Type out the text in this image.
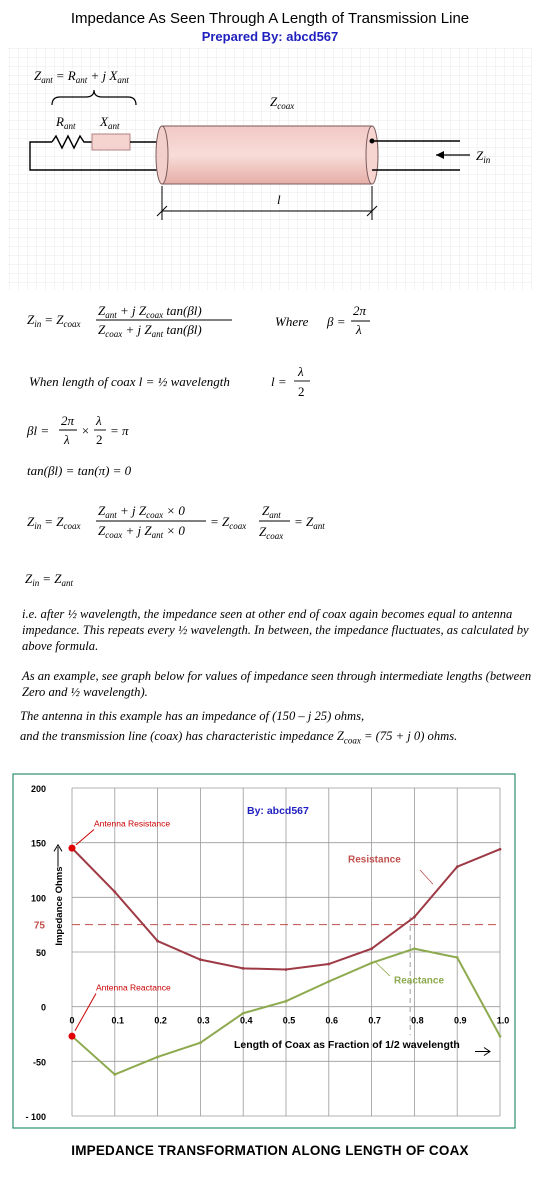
Impedance As Seen Through A Length of Transmission Line
Prepared By: abcd567
$Z_{ant} = R_{ant} + j$ $X_{ant}$
$R_{ant}$ $X_{ant}$
$Z_{coax}$
$Z_{in}$
l
$Z_{in} = Z_{coax}$
$Z_{ant} + j$ $Z_{coax}$ tan(βl)
$Z_{coax} + j$ $Z_{ant}$ tan(βl)
Where β =
2π
λ
When length of coax l = ½ wavelength	l =
λ
2
βl =
2π
λ
×
λ
2
= π
tan(βl) = tan(π) = 0
$Z_{in} = Z_{coax}$
$Z_{ant} + j$ $Z_{coax} \times 0$
$Z_{coax} + j$ $Z_{ant} \times 0$
= $Z_{coax}$
$Z_{ant}$
$Z_{coax}$
= $Z_{ant}$
$Z_{in} = Z_{ant}$
i.e. after ½ wavelength, the impedance seen at other end of coax again becomes equal to antenna impedance. This repeats every ½ wavelength. In between, the impedance fluctuates, as calculated by above formula.
As an example, see graph below for values of impedance seen through intermediate lengths (between Zero and ½ wavelength).
The antenna in this example has an impedance of (150 – j 25) ohms,
and the transmission line (coax) has characteristic impedance $Z_{coax} = (75 + j$ 0) ohms.
200
150
100
50
0
-50
- 100
0	0.1	0.2	0.3	0.4	0.5	0.6	0.7	0.8	0.9	1.0
75
Resistance
Reactance
Antenna Resistance
Antenna Reactance
By: abcd567
Impedance Ohms
Length of Coax as Fraction of 1/2 wavelength
IMPEDANCE TRANSFORMATION ALONG LENGTH OF COAX
